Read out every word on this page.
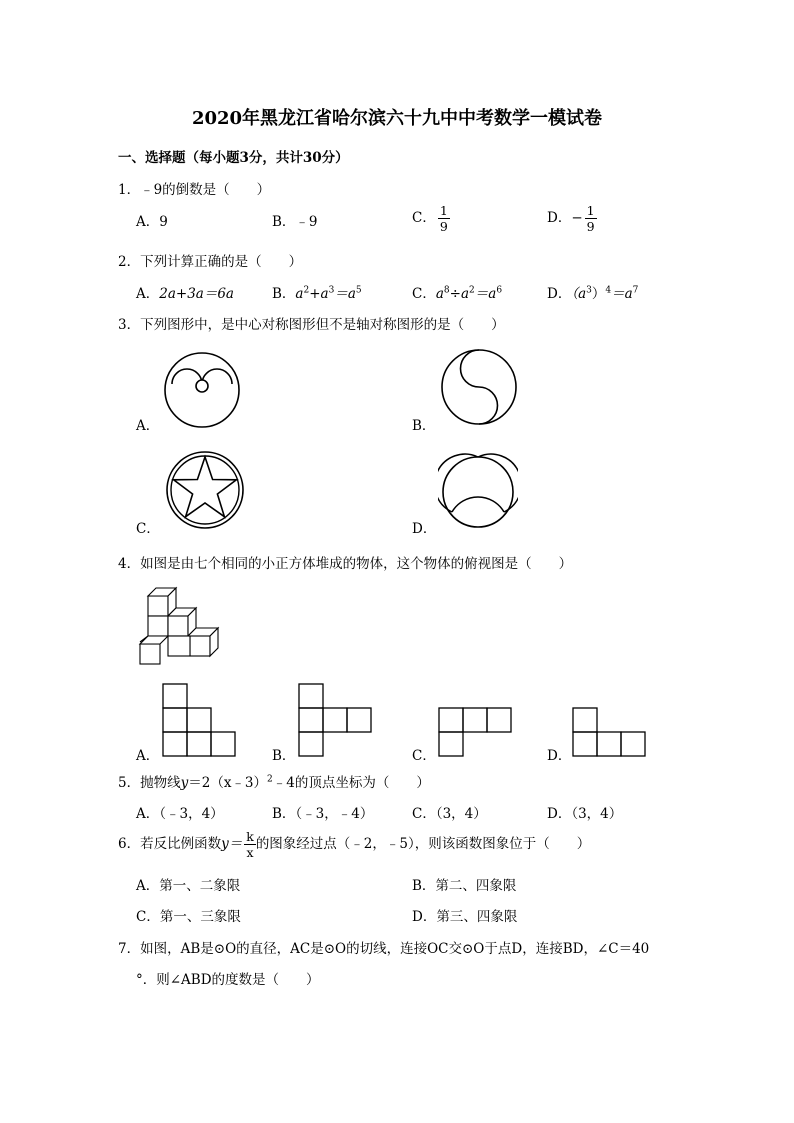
2020年黑龙江省哈尔滨六十九中中考数学一模试卷
一、选择题（每小题3分，共计30分）
1．﹣9的倒数是（　　）
A．9	B．﹣9	C． $\frac{1}{9}$	D．− $\frac{1}{9}$
2．下列计算正确的是（　　）
A．2a+3a＝6a	B．$a^2+a^3=a^5$	C．$a^8\div a^2=a^6$	D．$(a^3)^4=a^7$
3．下列图形中，是中心对称图形但不是轴对称图形的是（　　）
A．	B．
C．	D．
4．如图是由七个相同的小正方体堆成的物体，这个物体的俯视图是（　　）
A．	B．	C．	D．
5．抛物线y＝2（x﹣3）$^2$﹣4的顶点坐标为（　　）
A．（﹣3，4）	B．（﹣3，﹣4）	C．（3，4）	D．（3，4）
6．若反比例函数$y= \frac{k}{x}$ 的图象经过点（﹣2，﹣5），则该函数图象位于（　　）
A．第一、二象限	B．第二、四象限
C．第一、三象限	D．第三、四象限
7．如图，AB是⊙O的直径，AC是⊙O的切线，连接OC交⊙O于点D，连接BD，∠C＝40
°．则∠ABD的度数是（　　）
